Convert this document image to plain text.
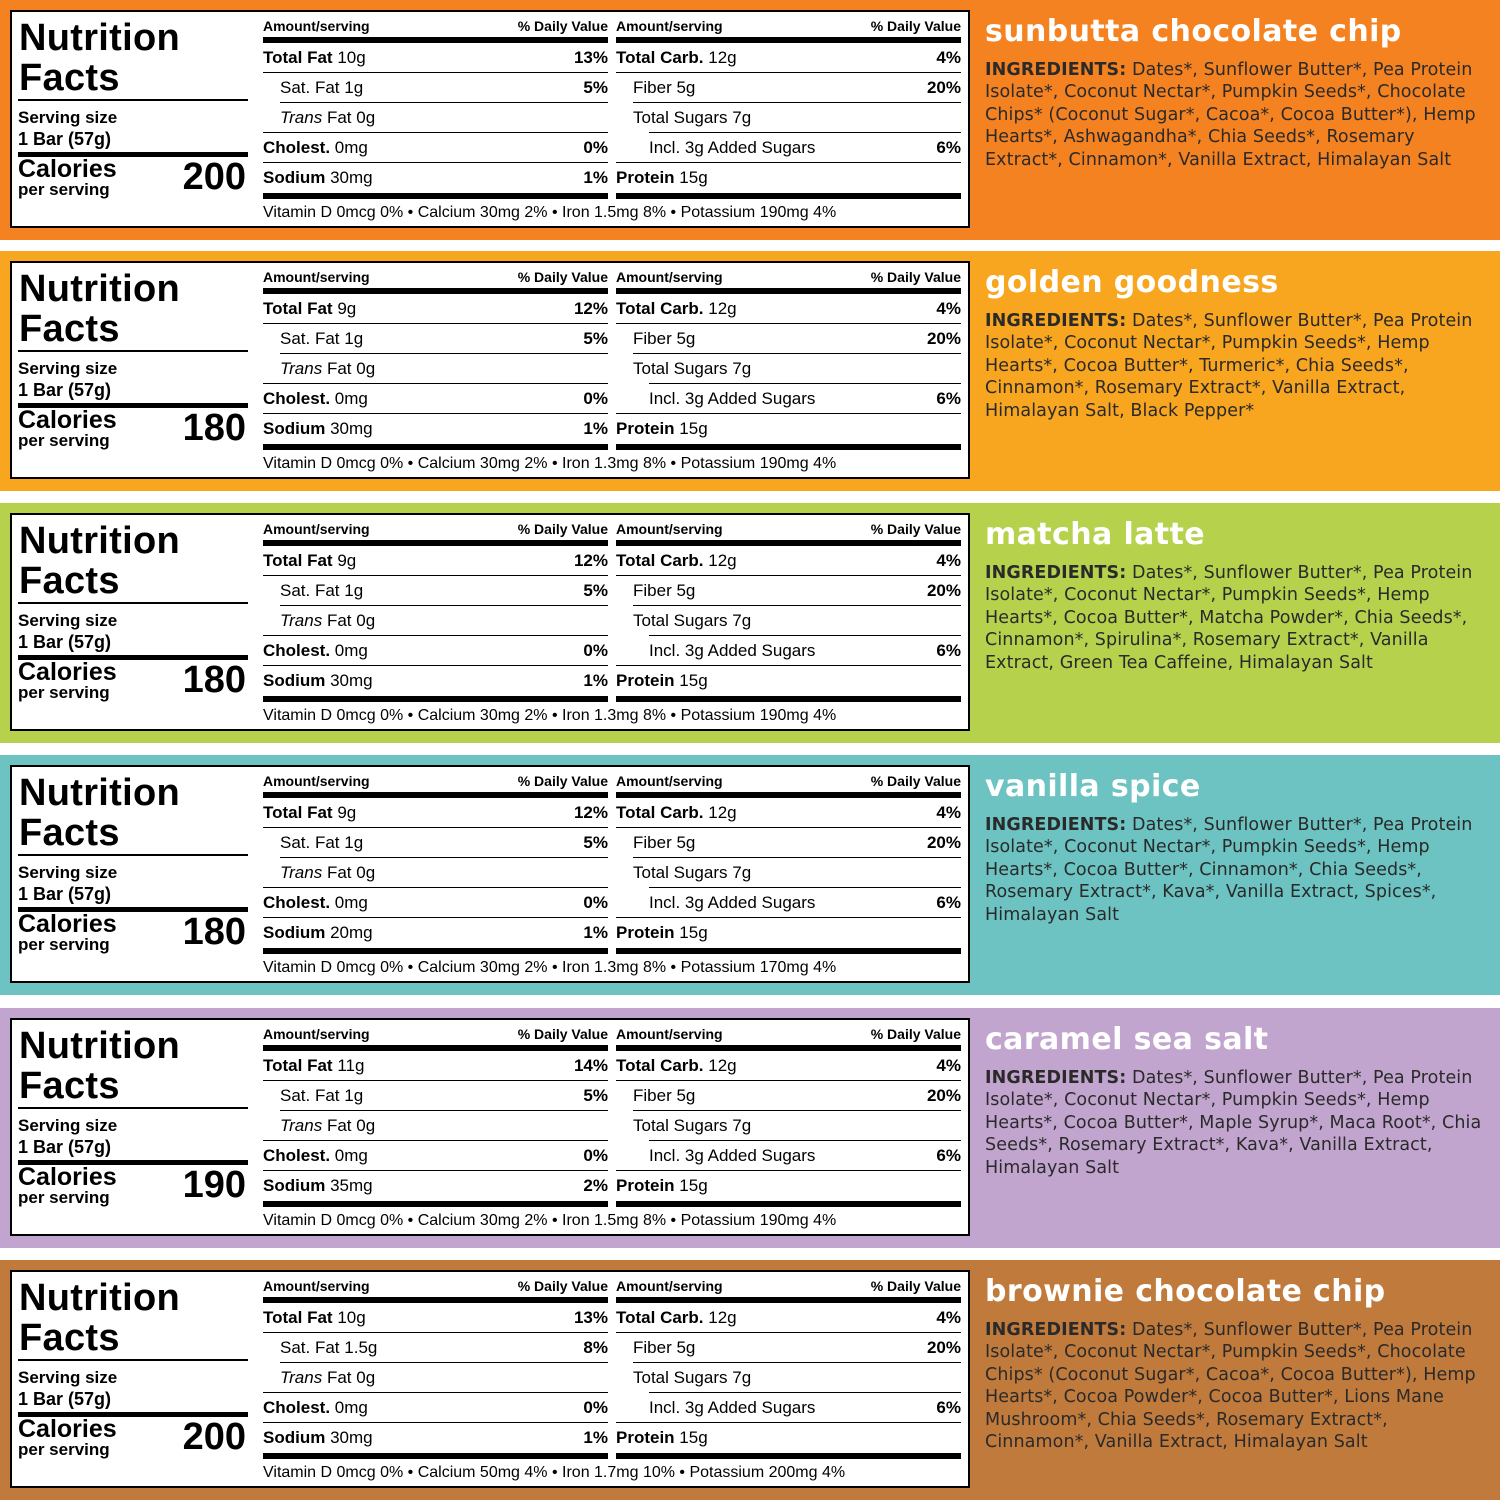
Nutrition
Facts
Serving size
1 Bar (57g)
Calories
per serving 200
Amount/serving	% Daily Value
Total Fat 10g	13%
Sat. Fat 1g	5%
Trans Fat 0g
Cholest. 0mg	0%
Sodium 30mg	1%
Amount/serving	% Daily Value
Total Carb. 12g	4%
Fiber 5g	20%
Total Sugars 7g
Incl. 3g Added Sugars	6%
Protein 15g
Vitamin D 0mcg 0% • Calcium 30mg 2% • Iron 1.5mg 8% • Potassium 190mg 4%
sunbutta chocolate chip
INGREDIENTS: Dates*, Sunflower Butter*, Pea Protein Isolate*, Coconut Nectar*, Pumpkin Seeds*, Chocolate Chips* (Coconut Sugar*, Cacoa*, Cocoa Butter*), Hemp Hearts*, Ashwagandha*, Chia Seeds*, Rosemary Extract*, Cinnamon*, Vanilla Extract, Himalayan Salt
Nutrition
Facts
Serving size
1 Bar (57g)
Calories
per serving 180
Amount/serving	% Daily Value
Total Fat 9g	12%
Sat. Fat 1g	5%
Trans Fat 0g
Cholest. 0mg	0%
Sodium 30mg	1%
Amount/serving	% Daily Value
Total Carb. 12g	4%
Fiber 5g	20%
Total Sugars 7g
Incl. 3g Added Sugars	6%
Protein 15g
Vitamin D 0mcg 0% • Calcium 30mg 2% • Iron 1.3mg 8% • Potassium 190mg 4%
golden goodness
INGREDIENTS: Dates*, Sunflower Butter*, Pea Protein Isolate*, Coconut Nectar*, Pumpkin Seeds*, Hemp Hearts*, Cocoa Butter*, Turmeric*, Chia Seeds*, Cinnamon*, Rosemary Extract*, Vanilla Extract, Himalayan Salt, Black Pepper*
Nutrition
Facts
Serving size
1 Bar (57g)
Calories
per serving 180
Amount/serving	% Daily Value
Total Fat 9g	12%
Sat. Fat 1g	5%
Trans Fat 0g
Cholest. 0mg	0%
Sodium 30mg	1%
Amount/serving	% Daily Value
Total Carb. 12g	4%
Fiber 5g	20%
Total Sugars 7g
Incl. 3g Added Sugars	6%
Protein 15g
Vitamin D 0mcg 0% • Calcium 30mg 2% • Iron 1.3mg 8% • Potassium 190mg 4%
matcha latte
INGREDIENTS: Dates*, Sunflower Butter*, Pea Protein Isolate*, Coconut Nectar*, Pumpkin Seeds*, Hemp Hearts*, Cocoa Butter*, Matcha Powder*, Chia Seeds*, Cinnamon*, Spirulina*, Rosemary Extract*, Vanilla Extract, Green Tea Caffeine, Himalayan Salt
Nutrition
Facts
Serving size
1 Bar (57g)
Calories
per serving 180
Amount/serving	% Daily Value
Total Fat 9g	12%
Sat. Fat 1g	5%
Trans Fat 0g
Cholest. 0mg	0%
Sodium 20mg	1%
Amount/serving	% Daily Value
Total Carb. 12g	4%
Fiber 5g	20%
Total Sugars 7g
Incl. 3g Added Sugars	6%
Protein 15g
Vitamin D 0mcg 0% • Calcium 30mg 2% • Iron 1.3mg 8% • Potassium 170mg 4%
vanilla spice
INGREDIENTS: Dates*, Sunflower Butter*, Pea Protein Isolate*, Coconut Nectar*, Pumpkin Seeds*, Hemp Hearts*, Cocoa Butter*, Cinnamon*, Chia Seeds*, Rosemary Extract*, Kava*, Vanilla Extract, Spices*, Himalayan Salt
Nutrition
Facts
Serving size
1 Bar (57g)
Calories
per serving 190
Amount/serving	% Daily Value
Total Fat 11g	14%
Sat. Fat 1g	5%
Trans Fat 0g
Cholest. 0mg	0%
Sodium 35mg	2%
Amount/serving	% Daily Value
Total Carb. 12g	4%
Fiber 5g	20%
Total Sugars 7g
Incl. 3g Added Sugars	6%
Protein 15g
Vitamin D 0mcg 0% • Calcium 30mg 2% • Iron 1.5mg 8% • Potassium 190mg 4%
caramel sea salt
INGREDIENTS: Dates*, Sunflower Butter*, Pea Protein Isolate*, Coconut Nectar*, Pumpkin Seeds*, Hemp Hearts*, Cocoa Butter*, Maple Syrup*, Maca Root*, Chia Seeds*, Rosemary Extract*, Kava*, Vanilla Extract, Himalayan Salt
Nutrition
Facts
Serving size
1 Bar (57g)
Calories
per serving 200
Amount/serving	% Daily Value
Total Fat 10g	13%
Sat. Fat 1.5g	8%
Trans Fat 0g
Cholest. 0mg	0%
Sodium 30mg	1%
Amount/serving	% Daily Value
Total Carb. 12g	4%
Fiber 5g	20%
Total Sugars 7g
Incl. 3g Added Sugars	6%
Protein 15g
Vitamin D 0mcg 0% • Calcium 50mg 4% • Iron 1.7mg 10% • Potassium 200mg 4%
brownie chocolate chip
INGREDIENTS: Dates*, Sunflower Butter*, Pea Protein Isolate*, Coconut Nectar*, Pumpkin Seeds*, Chocolate Chips* (Coconut Sugar*, Cacoa*, Cocoa Butter*), Hemp Hearts*, Cocoa Powder*, Cocoa Butter*, Lions Mane Mushroom*, Chia Seeds*, Rosemary Extract*, Cinnamon*, Vanilla Extract, Himalayan Salt
